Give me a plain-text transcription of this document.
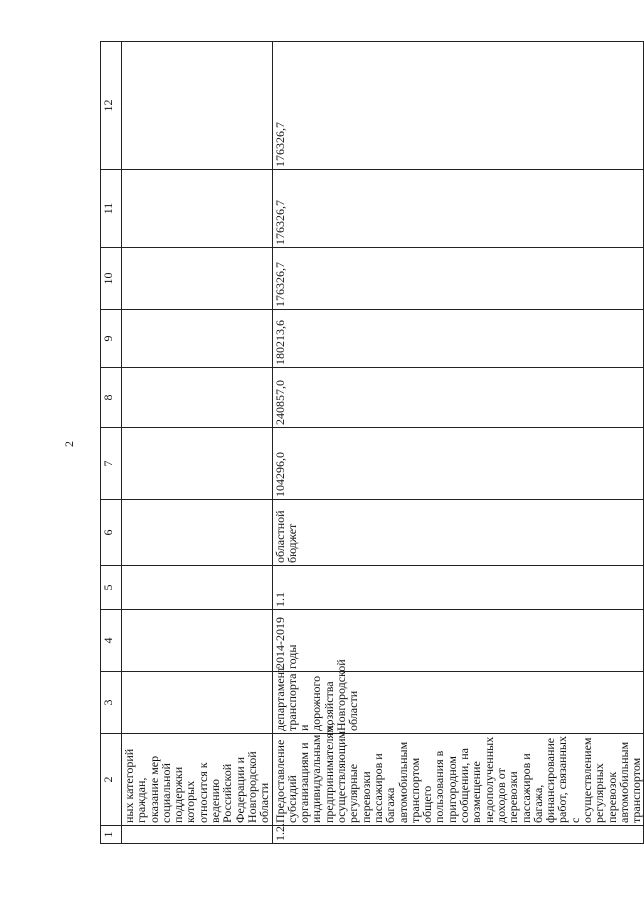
2
1	2	3	4	5	6	7	8	9	10	11	12
	ных категорий граждан, оказание мер социальной поддержки которых относится к ведению Российской Федерации и Новгородской области										
1.2.	Предоставление субсидий организациям и индивидуальным предпринимателям, осуществляющим регулярные перевозки пассажиров и багажа автомобильным транспортом общего пользования в пригородном сообщении, на возмещение недополученных доходов от перевозки пассажиров и багажа, финансирование работ, связанных с осуществлением регулярных перевозок автомобильным транспортом	департамент транспорта и дорожного хозяйства Новгородской области	2014-2019 годы	1.1	областной бюджет	104296,0	240857,0	180213,6	176326,7	176326,7	176326,7
